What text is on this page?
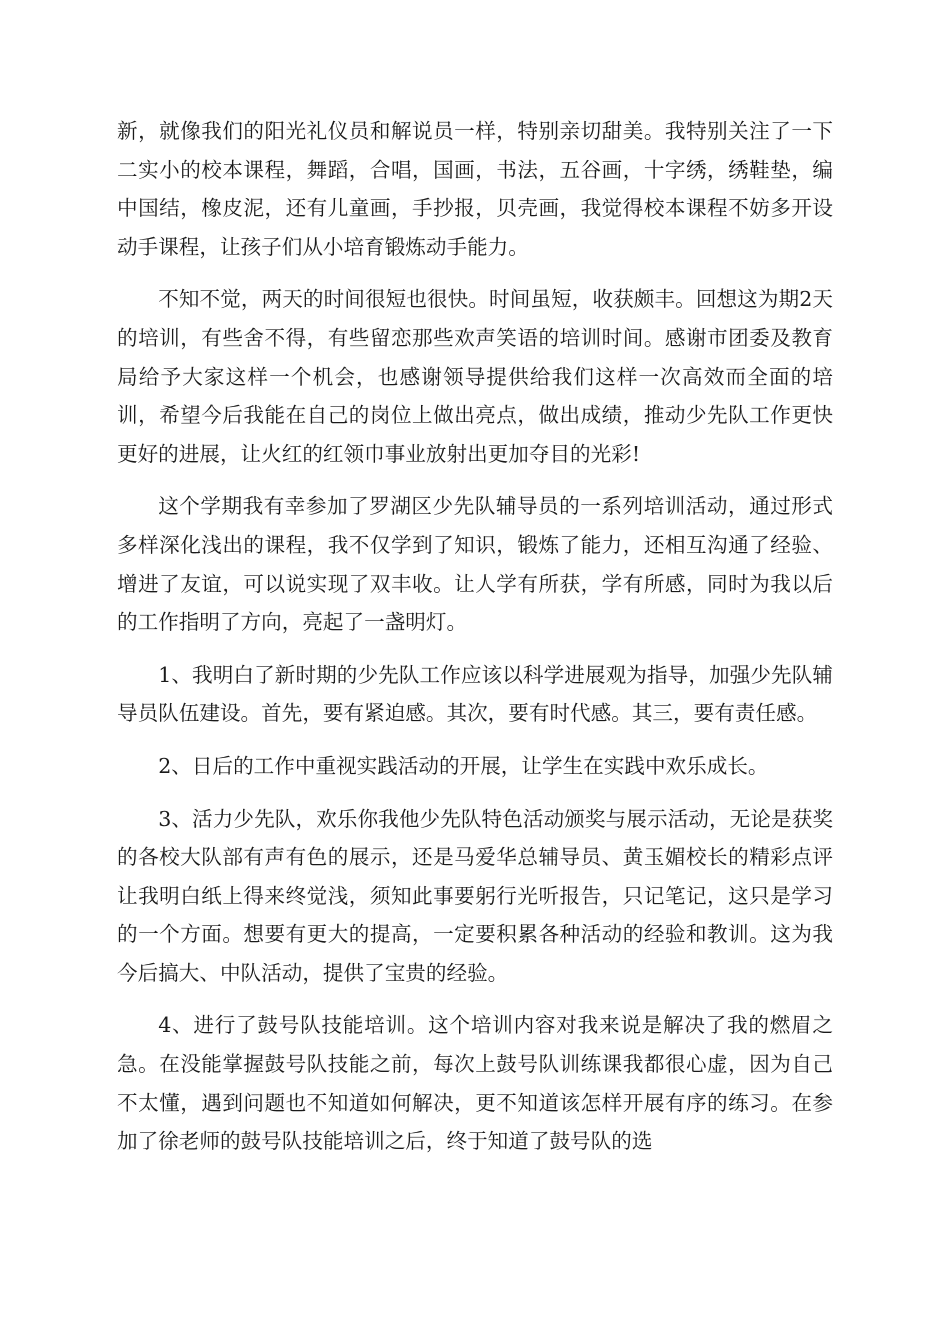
新，就像我们的阳光礼仪员和解说员一样，特别亲切甜美。我特别关注了一下二实小的校本课程，舞蹈，合唱，国画，书法，五谷画，十字绣，绣鞋垫，编中国结，橡皮泥，还有儿童画，手抄报，贝壳画，我觉得校本课程不妨多开设动手课程，让孩子们从小培育锻炼动手能力。

不知不觉，两天的时间很短也很快。时间虽短，收获颇丰。回想这为期2天的培训，有些舍不得，有些留恋那些欢声笑语的培训时间。感谢市团委及教育局给予大家这样一个机会，也感谢领导提供给我们这样一次高效而全面的培训，希望今后我能在自己的岗位上做出亮点，做出成绩，推动少先队工作更快更好的进展，让火红的红领巾事业放射出更加夺目的光彩!

这个学期我有幸参加了罗湖区少先队辅导员的一系列培训活动，通过形式多样深化浅出的课程，我不仅学到了知识，锻炼了能力，还相互沟通了经验、增进了友谊，可以说实现了双丰收。让人学有所获，学有所感，同时为我以后的工作指明了方向，亮起了一盏明灯。

1、我明白了新时期的少先队工作应该以科学进展观为指导，加强少先队辅导员队伍建设。首先，要有紧迫感。其次，要有时代感。其三，要有责任感。

2、日后的工作中重视实践活动的开展，让学生在实践中欢乐成长。

3、活力少先队，欢乐你我他少先队特色活动颁奖与展示活动，无论是获奖的各校大队部有声有色的展示，还是马爱华总辅导员、黄玉媚校长的精彩点评让我明白纸上得来终觉浅，须知此事要躬行光听报告，只记笔记，这只是学习的一个方面。想要有更大的提高，一定要积累各种活动的经验和教训。这为我今后搞大、中队活动，提供了宝贵的经验。

4、进行了鼓号队技能培训。这个培训内容对我来说是解决了我的燃眉之急。在没能掌握鼓号队技能之前，每次上鼓号队训练课我都很心虚，因为自己不太懂，遇到问题也不知道如何解决，更不知道该怎样开展有序的练习。在参加了徐老师的鼓号队技能培训之后，终于知道了鼓号队的选
